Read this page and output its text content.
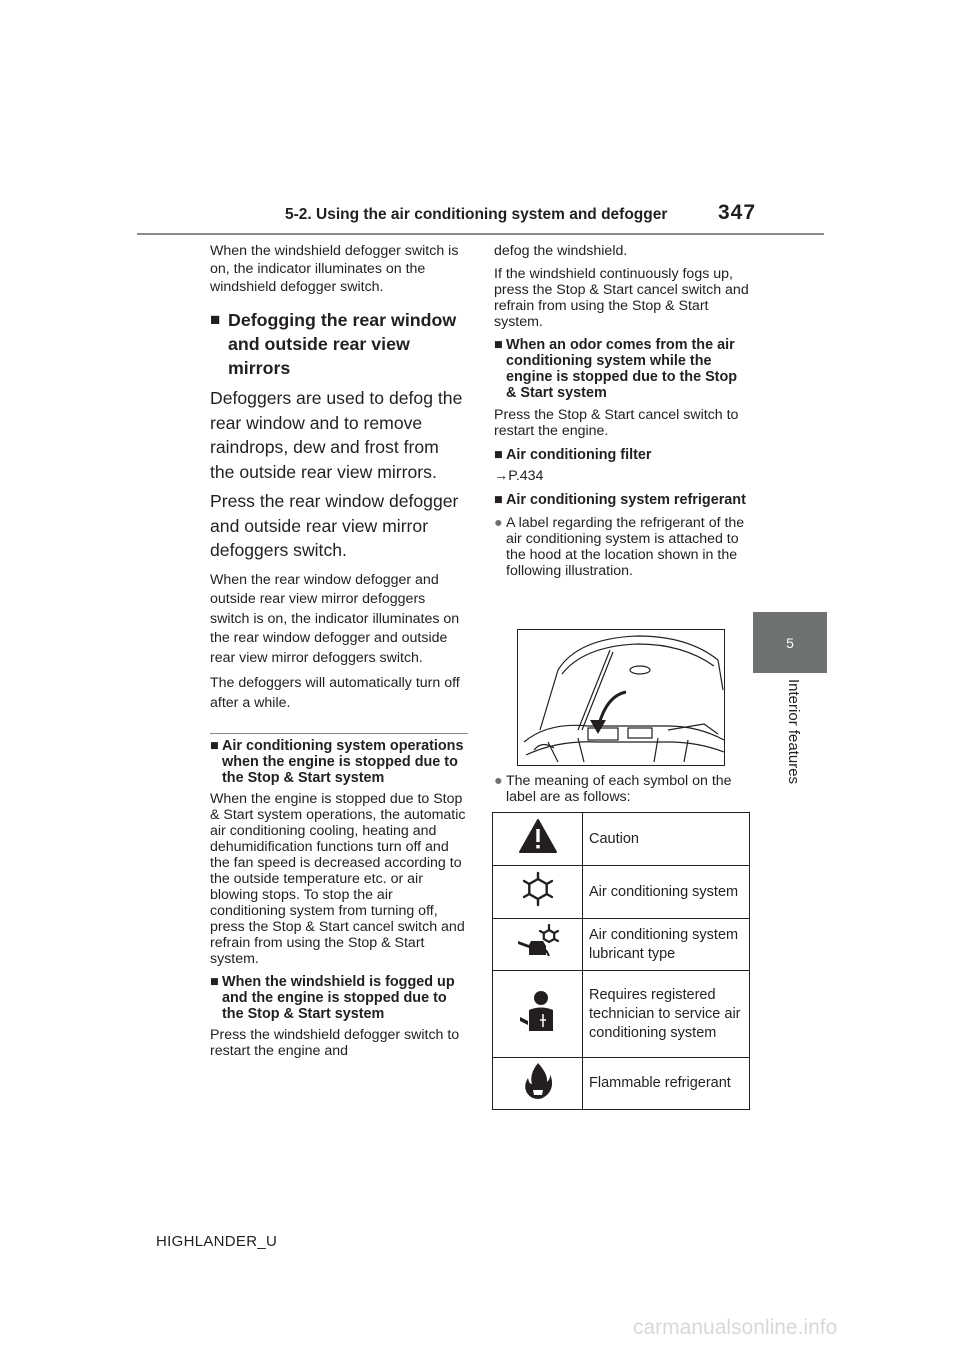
5-2. Using the air conditioning system and defogger 347
5
Interior features

When the windshield defogger switch is on, the indicator illuminates on the windshield defogger switch.

■ Defogging the rear window and outside rear view mirrors

Defoggers are used to defog the rear window and to remove raindrops, dew and frost from the outside rear view mirrors.

Press the rear window defogger and outside rear view mirror defoggers switch.

When the rear window defogger and outside rear view mirror defoggers switch is on, the indicator illuminates on the rear window defogger and outside rear view mirror defoggers switch.

The defoggers will automatically turn off after a while.

■ Air conditioning system operations when the engine is stopped due to the Stop & Start system

When the engine is stopped due to Stop & Start system operations, the automatic air conditioning cooling, heating and dehumidification functions turn off and the fan speed is decreased according to the outside temperature etc. or air blowing stops. To stop the air conditioning system from turning off, press the Stop & Start cancel switch and refrain from using the Stop & Start system.

■ When the windshield is fogged up and the engine is stopped due to the Stop & Start system

Press the windshield defogger switch to restart the engine and

defog the windshield.

If the windshield continuously fogs up, press the Stop & Start cancel switch and refrain from using the Stop & Start system.

■ When an odor comes from the air conditioning system while the engine is stopped due to the Stop & Start system

Press the Stop & Start cancel switch to restart the engine.

■ Air conditioning filter

→P.434

■ Air conditioning system refrigerant
● A label regarding the refrigerant of the air conditioning system is attached to the hood at the location shown in the following illustration.
● The meaning of each symbol on the label are as follows:
	Caution
	Air conditioning system
	Air conditioning system lubricant type
	Requires registered technician to service air conditioning system
	Flammable refrigerant
HIGHLANDER_U
carmanualsonline.info
